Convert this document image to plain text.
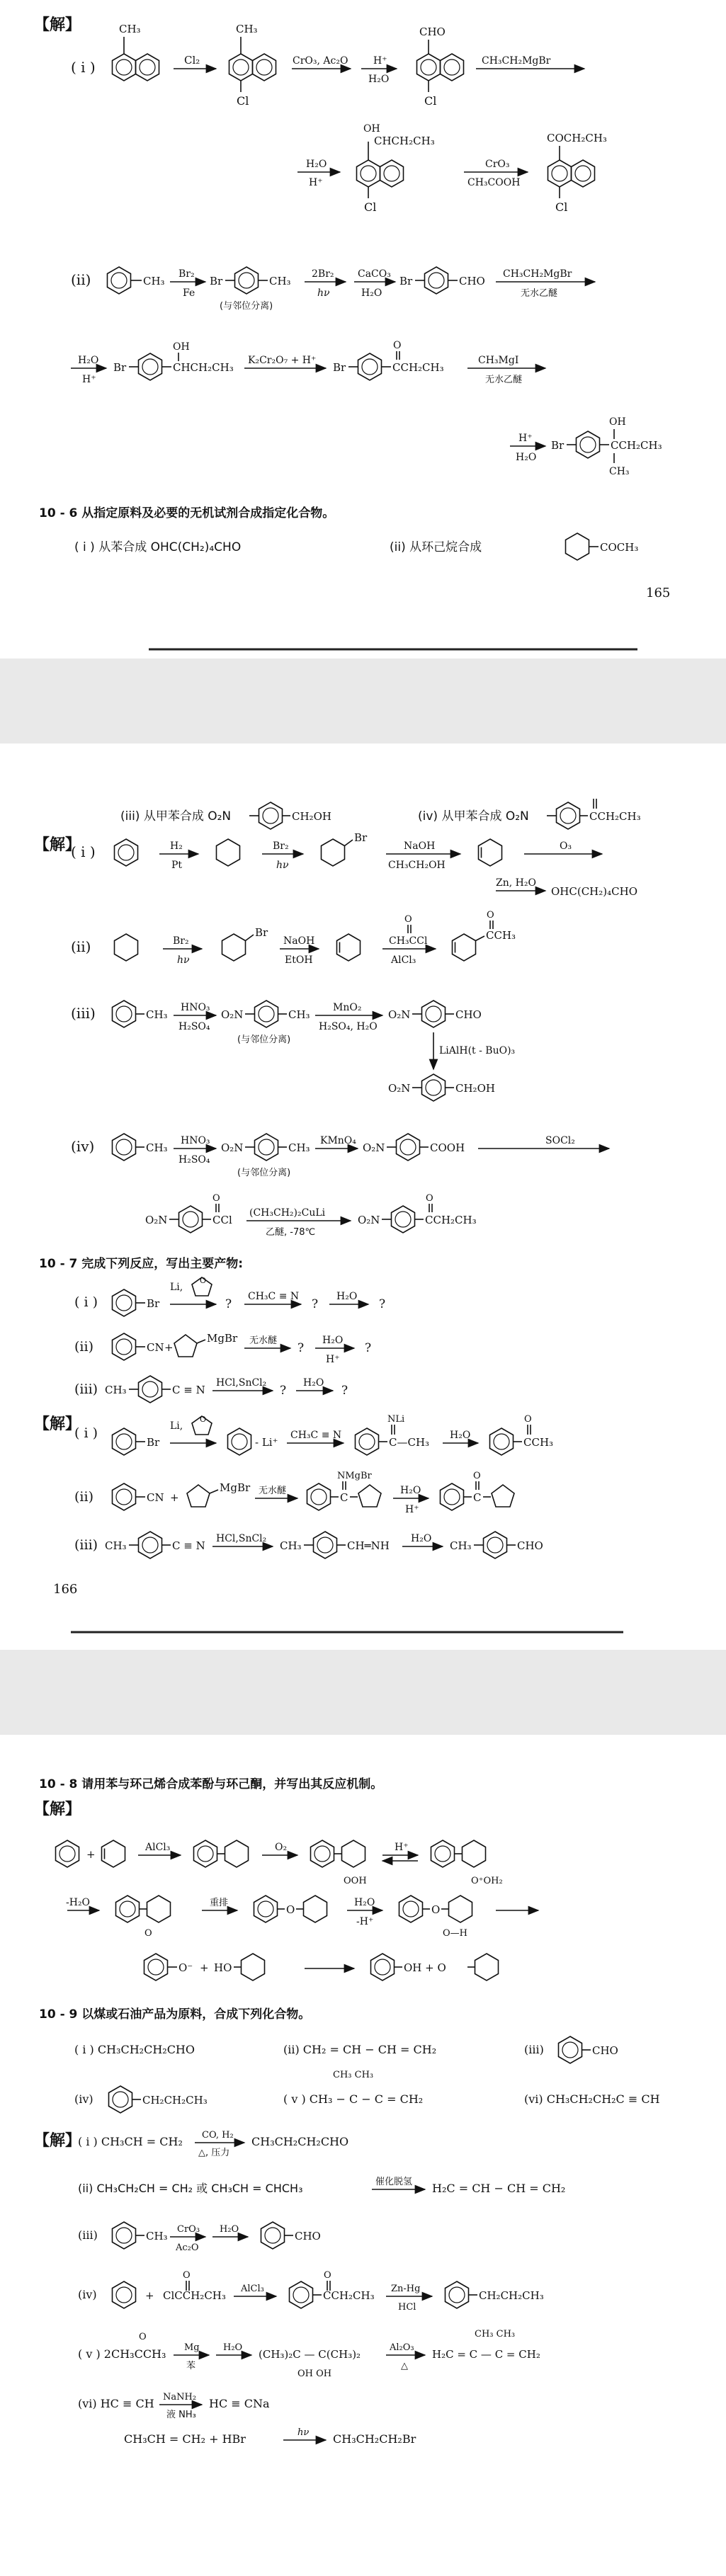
【解】
( i )
CH₃
Cl₂
CH₃
Cl
CrO₃, Ac₂O	H⁺
H₂O
CHO
Cl
CH₃CH₂MgBr
H₂O
H⁺
OH
CHCH₂CH₃
Cl
CrO₃
CH₃COOH
COCH₂CH₃
Cl
(ii)	CH₃
Br₂
Fe
Br	CH₃
(与邻位分离)
2Br₂
hν
CaCO₃
H₂O
Br	CHO
CH₃CH₂MgBr
无水乙醚
H₂O
H⁺
Br	CHCH₂CH₃
OH
K₂Cr₂O₇ + H⁺
Br	CCH₂CH₃
O
CH₃MgI
无水乙醚
H⁺
H₂O
Br	CCH₂CH₃
OH
CH₃
10 - 6 从指定原料及必要的无机试剂合成指定化合物。
( i ) 从苯合成 OHC(CH₂)₄CHO	(ii) 从环己烷合成	COCH₃
165
(iii) 从甲苯合成 O₂N	CH₂OH	(iv) 从甲苯合成 O₂N	CCH₂CH₃
【解】
( i )	H₂
Pt
Br₂
hν
Br
NaOH
CH₃CH₂OH
O₃
Zn, H₂O
OHC(CH₂)₄CHO
(ii)	Br₂
hν
Br
NaOH
EtOH
CH₃CCl
O
AlCl₃
CCH₃
O
(iii)	CH₃
HNO₃
H₂SO₄
O₂N	CH₃
(与邻位分离)
MnO₂
H₂SO₄, H₂O
O₂N	CHO
LiAlH(t - BuO)₃
O₂N	CH₂OH
(iv)	CH₃
HNO₃
H₂SO₄
O₂N	CH₃
(与邻位分离)
KMnO₄
O₂N	COOH
SOCl₂
O₂N	CCl
O
(CH₃CH₂)₂CuLi
乙醚, -78℃
O₂N	CCH₂CH₃
O
10 - 7 完成下列反应，写出主要产物:
( i )	Br
Li,
O
?
CH₃C ≡ N
?
H₂O
?
(ii)	CN +
MgBr 无水醚
?
H₂O
H⁺
?
(iii) CH₃	C ≡ N
HCl,SnCl₂
?
H₂O
?
【解】
( i )
Br
Li,
O
- Li⁺
CH₃C ≡ N
C—CH₃
NLi
H₂O
CCH₃
O
(ii)	CN +
MgBr 无水醚
C
NMgBr
H₂O
H⁺
C
O
(iii) CH₃	C ≡ N
HCl,SnCl₂
CH₃	CH═NH
H₂O
CH₃	CHO
166
10 - 8 请用苯与环己烯合成苯酚与环己酮，并写出其反应机制。
【解】
+
AlCl₃	O₂
OOH
H⁺
O⁺OH₂
-H₂O
O
重排
O
H₂O
-H⁺
O
O—H
O⁻ + HO	OH + O
10 - 9 以煤或石油产品为原料，合成下列化合物。
( i ) CH₃CH₂CH₂CHO	(ii) CH₂ = CH − CH = CH₂	(iii)	CHO
(iv)	CH₂CH₂CH₃	( v ) CH₃ − C − C = CH₂
CH₃ CH₃
(vi) CH₃CH₂CH₂C ≡ CH
【解】
( i ) CH₃CH = CH₂ CO, H₂
△, 压力
CH₃CH₂CH₂CHO
(ii) CH₃CH₂CH = CH₂ 或 CH₃CH = CHCH₃	催化脱氢 H₂C = CH − CH = CH₂
(iii)	CH₃
CrO₃
Ac₂O
H₂O
CHO
(iv)	+ ClCCH₂CH₃
O
AlCl₃
CCH₂CH₃
O
Zn-Hg
HCl
CH₂CH₂CH₃
( v ) 2CH₃CCH₃
O
Mg
苯
H₂O
(CH₃)₂C — C(CH₃)₂
OH OH
Al₂O₃
△
H₂C = C — C = CH₂
CH₃ CH₃
(vi) HC ≡ CH NaNH₂
液 NH₃
HC ≡ CNa
CH₃CH = CH₂ + HBr	hν CH₃CH₂CH₂Br
